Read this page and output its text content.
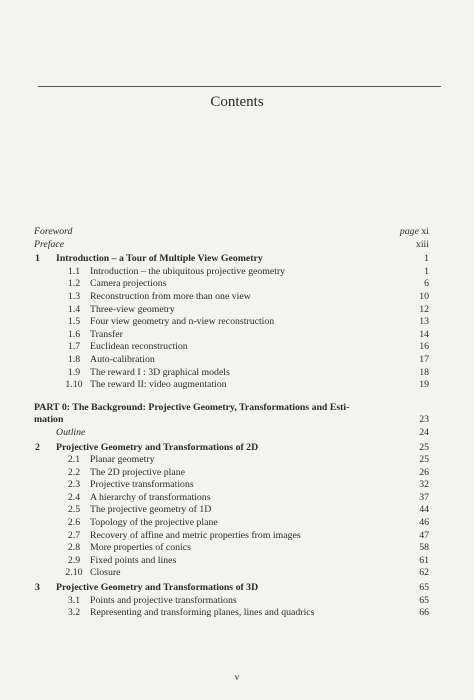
Contents
Foreword	page xi
Preface	xiii
1 Introduction – a Tour of Multiple View Geometry	1
1.1	Introduction – the ubiquitous projective geometry	1
1.2	Camera projections	6
1.3	Reconstruction from more than one view	10
1.4	Three-view geometry	12
1.5	Four view geometry and n-view reconstruction	13
1.6	Transfer	14
1.7	Euclidean reconstruction	16
1.8	Auto-calibration	17
1.9	The reward I : 3D graphical models	18
1.10 The reward II: video augmentation	19
PART 0: The Background: Projective Geometry, Transformations and Esti-
mation	23
Outline	24
2 Projective Geometry and Transformations of 2D	25
2.1	Planar geometry	25
2.2	The 2D projective plane	26
2.3	Projective transformations	32
2.4	A hierarchy of transformations	37
2.5	The projective geometry of 1D	44
2.6	Topology of the projective plane	46
2.7	Recovery of affine and metric properties from images	47
2.8	More properties of conics	58
2.9	Fixed points and lines	61
2.10 Closure	62
3 Projective Geometry and Transformations of 3D	65
3.1	Points and projective transformations	65
3.2	Representing and transforming planes, lines and quadrics	66
v
